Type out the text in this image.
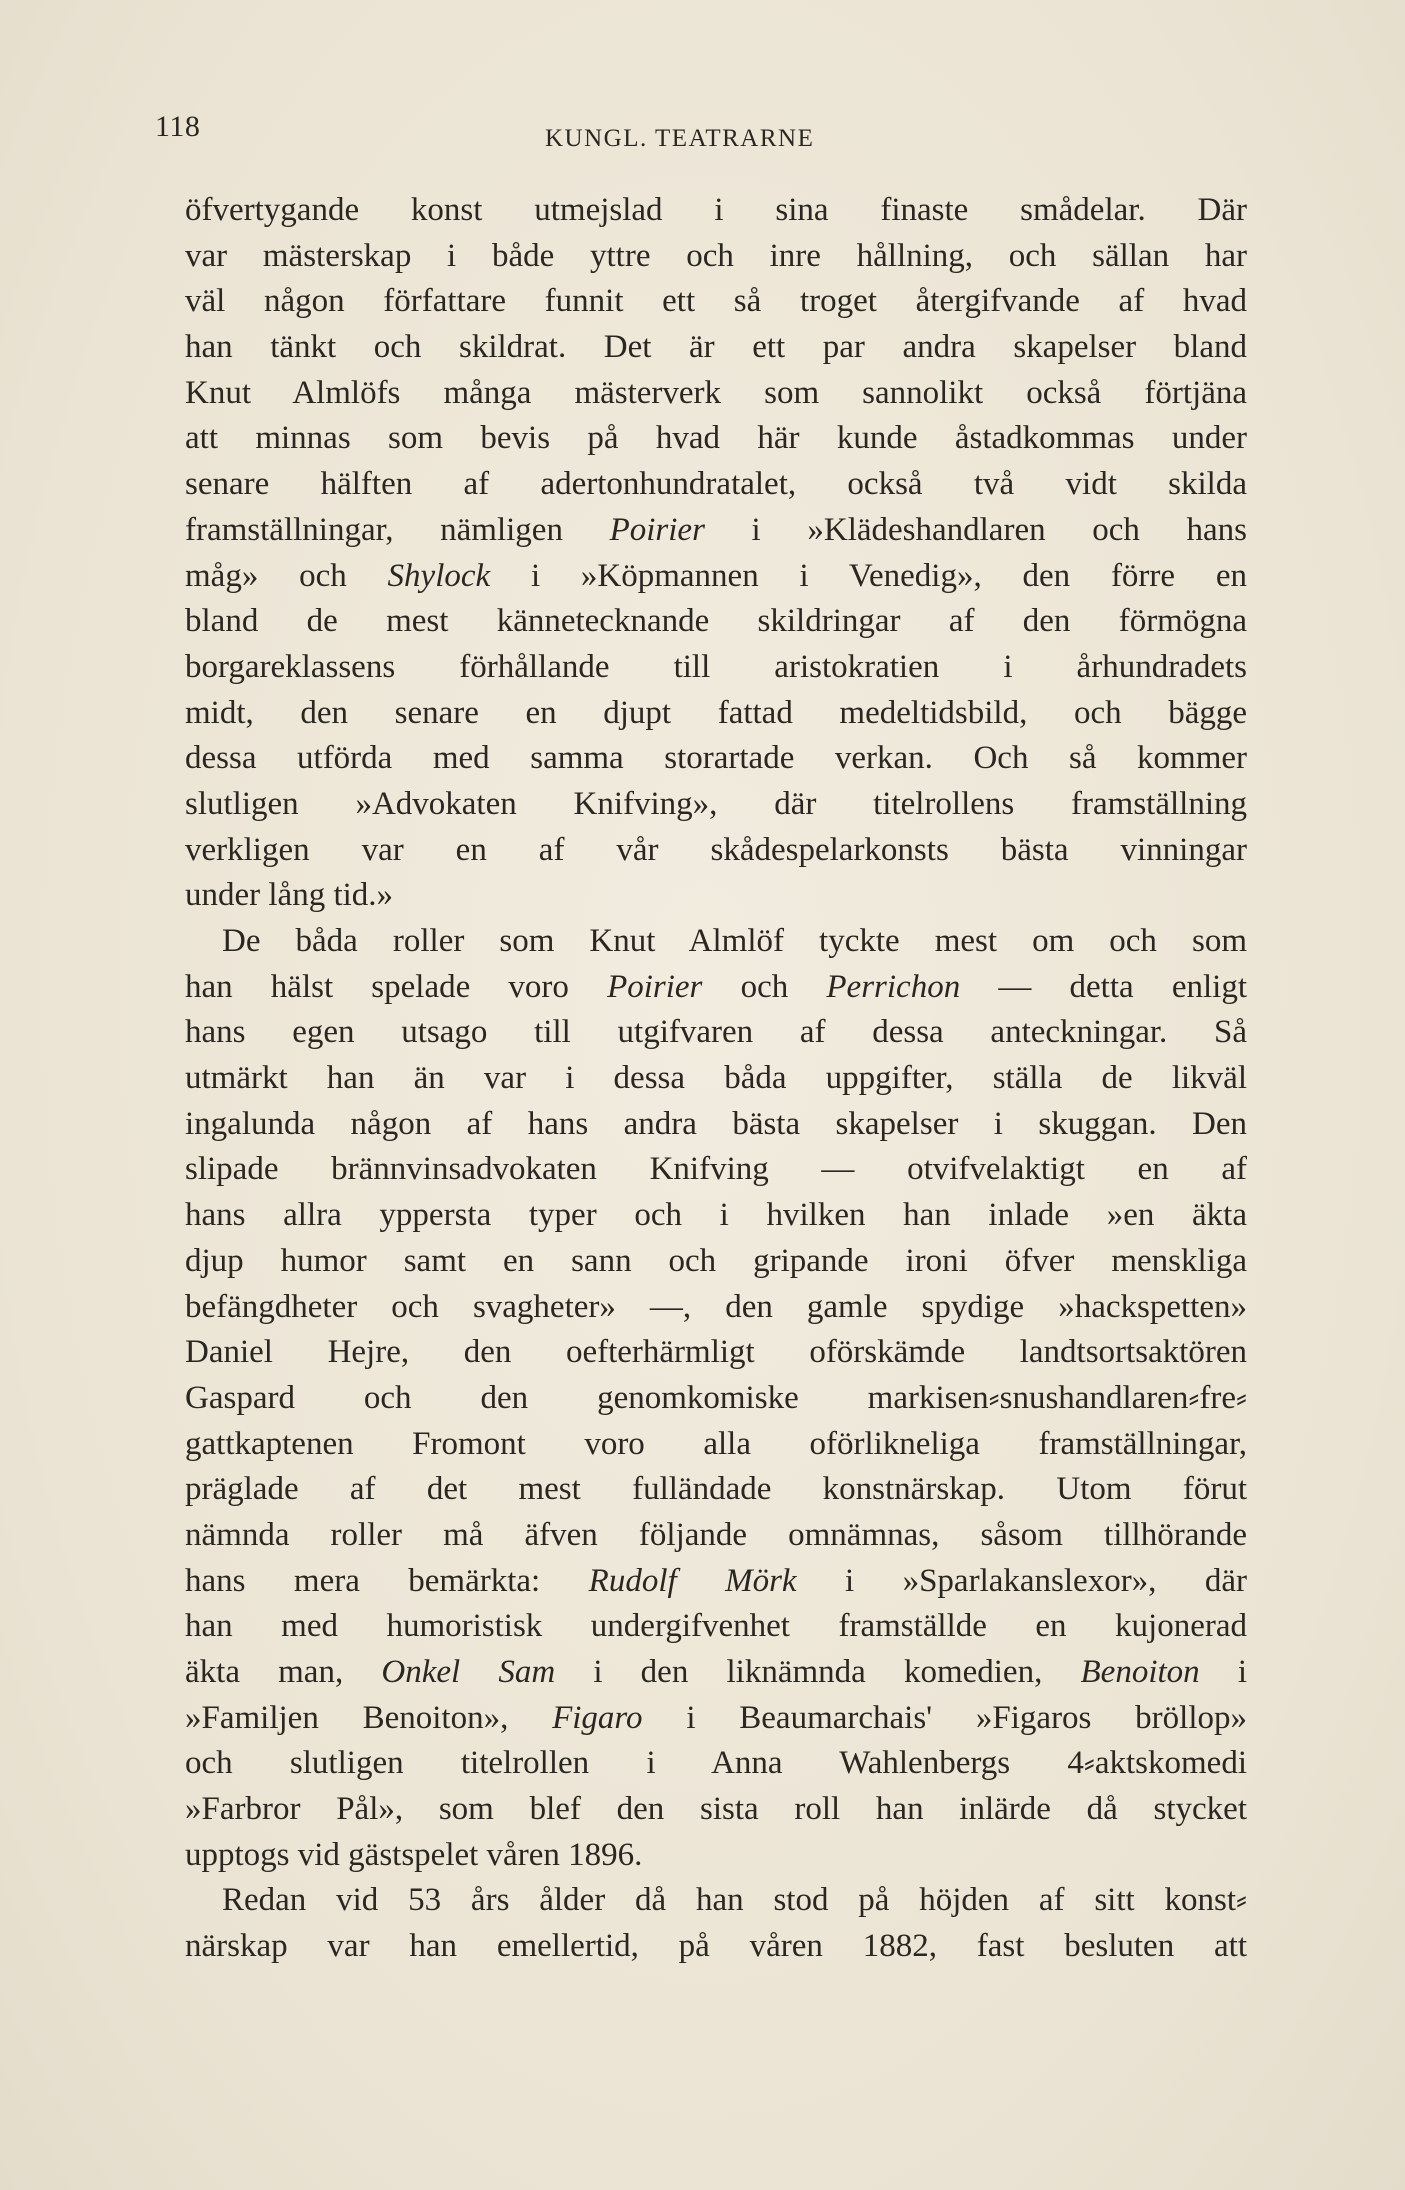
118	KUNGL. TEATRARNE
öfvertygande konst utmejslad i sina finaste smådelar. Där
var mästerskap i både yttre och inre hållning, och sällan har
väl någon författare funnit ett så troget återgifvande af hvad
han tänkt och skildrat. Det är ett par andra skapelser bland
Knut Almlöfs många mästerverk som sannolikt också förtjäna
att minnas som bevis på hvad här kunde åstadkommas under
senare hälften af adertonhundratalet, också två vidt skilda
framställningar, nämligen Poirier i »Klädeshandlaren och hans
måg» och Shylock i »Köpmannen i Venedig», den förre en
bland de mest kännetecknande skildringar af den förmögna
borgareklassens förhållande till aristokratien i århundradets
midt, den senare en djupt fattad medeltidsbild, och bägge
dessa utförda med samma storartade verkan. Och så kommer
slutligen »Advokaten Knifving», där titelrollens framställning
verkligen var en af vår skådespelarkonsts bästa vinningar
under lång tid.»
De båda roller som Knut Almlöf tyckte mest om och som
han hälst spelade voro Poirier och Perrichon — detta enligt
hans egen utsago till utgifvaren af dessa anteckningar. Så
utmärkt han än var i dessa båda uppgifter, ställa de likväl
ingalunda någon af hans andra bästa skapelser i skuggan. Den
slipade brännvinsadvokaten Knifving — otvifvelaktigt en af
hans allra yppersta typer och i hvilken han inlade »en äkta
djup humor samt en sann och gripande ironi öfver menskliga
befängdheter och svagheter» —, den gamle spydige »hackspetten»
Daniel Hejre, den oefterhärmligt oförskämde landtsortsaktören
Gaspard och den genomkomiske markisen⸗snushandlaren⸗fre⸗
gattkaptenen Fromont voro alla oförlikneliga framställningar,
präglade af det mest fulländade konstnärskap. Utom förut
nämnda roller må äfven följande omnämnas, såsom tillhörande
hans mera bemärkta: Rudolf Mörk i »Sparlakanslexor», där
han med humoristisk undergifvenhet framställde en kujonerad
äkta man, Onkel Sam i den liknämnda komedien, Benoiton i
»Familjen Benoiton», Figaro i Beaumarchais' »Figaros bröllop»
och slutligen titelrollen i Anna Wahlenbergs 4⸗aktskomedi
»Farbror Pål», som blef den sista roll han inlärde då stycket
upptogs vid gästspelet våren 1896.
Redan vid 53 års ålder då han stod på höjden af sitt konst⸗
närskap var han emellertid, på våren 1882, fast besluten att
